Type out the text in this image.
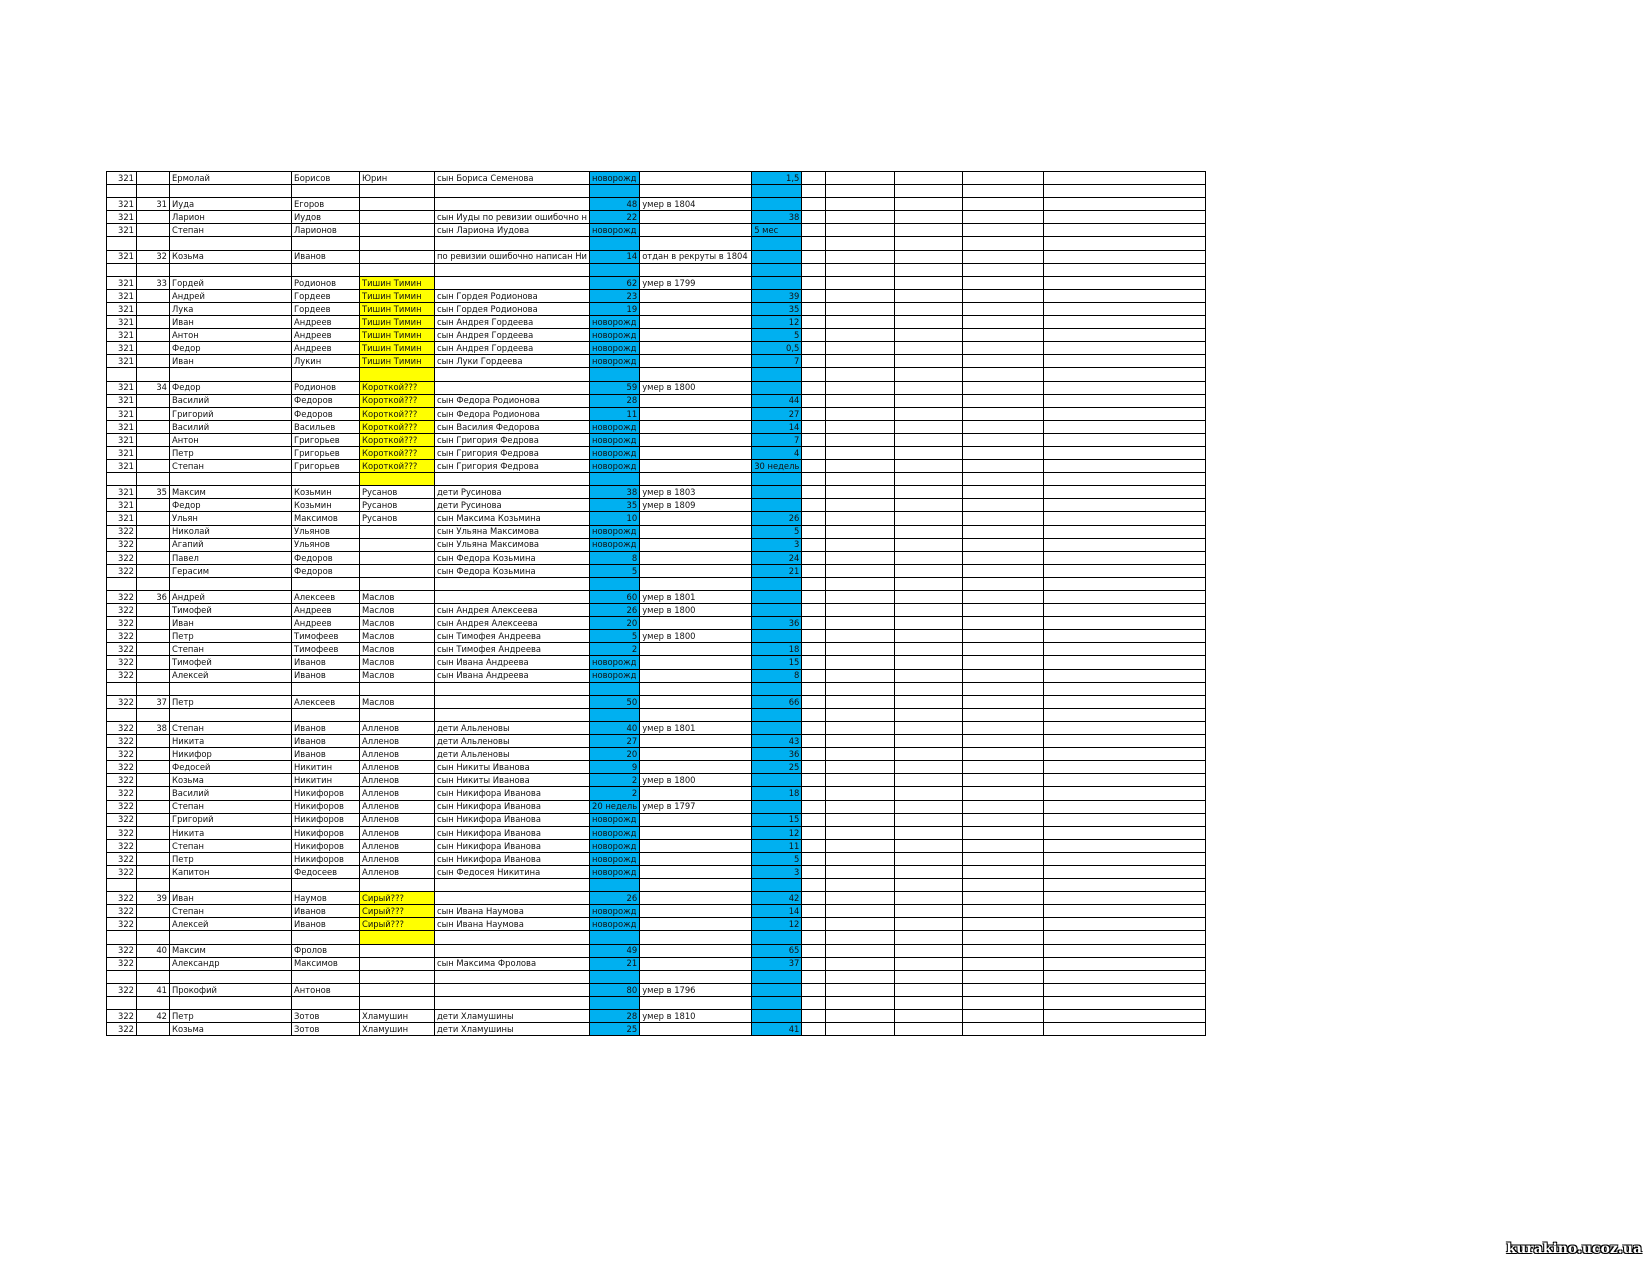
321		Ермолай	Борисов	Юрин	сын Бориса Семенова	новорожд		1,5					

321	31	Иуда	Егоров			48	умер в 1804						
321		Ларион	Иудов		сын Иуды по ревизии ошибочно н	22		38					
321		Степан	Ларионов		сын Лариона Иудова	новорожд		5 мес					

321	32	Козьма	Иванов		по ревизии ошибочно написан Ни	14	отдан в рекруты в 1804						

321	33	Гордей	Родионов	Тишин Тимин		62	умер в 1799						
321		Андрей	Гордеев	Тишин Тимин	сын Гордея Родионова	23		39					
321		Лука	Гордеев	Тишин Тимин	сын Гордея Родионова	19		35					
321		Иван	Андреев	Тишин Тимин	сын Андрея Гордеева	новорожд		12					
321		Антон	Андреев	Тишин Тимин	сын Андрея Гордеева	новорожд		5					
321		Федор	Андреев	Тишин Тимин	сын Андрея Гордеева	новорожд		0,5					
321		Иван	Лукин	Тишин Тимин	сын Луки Гордеева	новорожд		7					

321	34	Федор	Родионов	Короткой???		59	умер в 1800						
321		Василий	Федоров	Короткой???	сын Федора Родионова	28		44					
321		Григорий	Федоров	Короткой???	сын Федора Родионова	11		27					
321		Василий	Васильев	Короткой???	сын Василия Федорова	новорожд		14					
321		Антон	Григорьев	Короткой???	сын Григория Федрова	новорожд		7					
321		Петр	Григорьев	Короткой???	сын Григория Федрова	новорожд		4					
321		Степан	Григорьев	Короткой???	сын Григория Федрова	новорожд		30 недель					

321	35	Максим	Козьмин	Русанов	дети Русинова	38	умер в 1803						
321		Федор	Козьмин	Русанов	дети Русинова	35	умер в 1809						
321		Ульян	Максимов	Русанов	сын Максима Козьмина	10		26					
322		Николай	Ульянов		сын Ульяна Максимова	новорожд		5					
322		Агапий	Ульянов		сын Ульяна Максимова	новорожд		3					
322		Павел	Федоров		сын Федора Козьмина	8		24					
322		Герасим	Федоров		сын Федора Козьмина	5		21					

322	36	Андрей	Алексеев	Маслов		60	умер в 1801						
322		Тимофей	Андреев	Маслов	сын Андрея Алексеева	26	умер в 1800						
322		Иван	Андреев	Маслов	сын Андрея Алексеева	20		36					
322		Петр	Тимофеев	Маслов	сын Тимофея Андреева	5	умер в 1800						
322		Степан	Тимофеев	Маслов	сын Тимофея Андреева	2		18					
322		Тимофей	Иванов	Маслов	сын Ивана Андреева	новорожд		15					
322		Алексей	Иванов	Маслов	сын Ивана Андреева	новорожд		8					

322	37	Петр	Алексеев	Маслов		50		66					

322	38	Степан	Иванов	Алленов	дети Альленовы	40	умер в 1801						
322		Никита	Иванов	Алленов	дети Альленовы	27		43					
322		Никифор	Иванов	Алленов	дети Альленовы	20		36					
322		Федосей	Никитин	Алленов	сын Никиты Иванова	9		25					
322		Козьма	Никитин	Алленов	сын Никиты Иванова	2	умер в 1800						
322		Василий	Никифоров	Алленов	сын Никифора Иванова	2		18					
322		Степан	Никифоров	Алленов	сын Никифора Иванова	20 недель	умер в 1797						
322		Григорий	Никифоров	Алленов	сын Никифора Иванова	новорожд		15					
322		Никита	Никифоров	Алленов	сын Никифора Иванова	новорожд		12					
322		Степан	Никифоров	Алленов	сын Никифора Иванова	новорожд		11					
322		Петр	Никифоров	Алленов	сын Никифора Иванова	новорожд		5					
322		Капитон	Федосеев	Алленов	сын Федосея Никитина	новорожд		3					

322	39	Иван	Наумов	Сирый???		26		42					
322		Степан	Иванов	Сирый???	сын Ивана Наумова	новорожд		14					
322		Алексей	Иванов	Сирый???	сын Ивана Наумова	новорожд		12					

322	40	Максим	Фролов			49		65					
322		Александр	Максимов		сын Максима Фролова	21		37					

322	41	Прокофий	Антонов			80	умер в 1796						

322	42	Петр	Зотов	Хламушин	дети Хламушины	28	умер в 1810						
322		Козьма	Зотов	Хламушин	дети Хламушины	25		41					
kurakino.ucoz.ua
